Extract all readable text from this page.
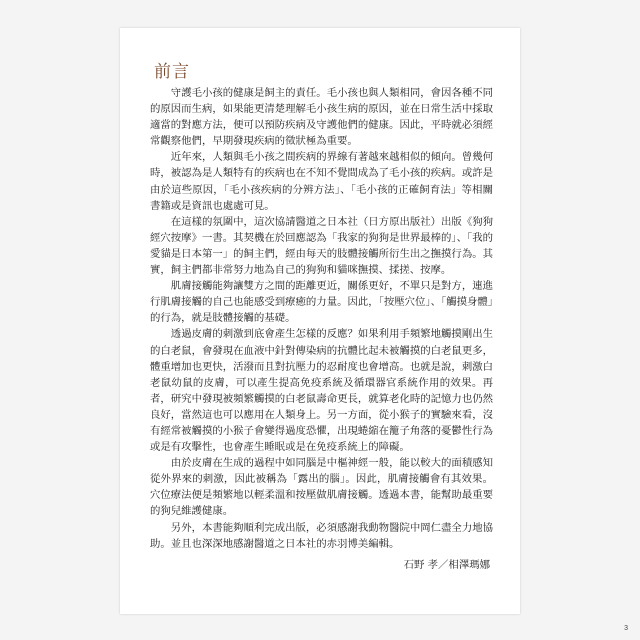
前言

守護毛小孩的健康是飼主的責任。毛小孩也與人類相同，會因各種不同的原因而生病，如果能更清楚理解毛小孩生病的原因，並在日常生活中採取適當的對應方法，便可以預防疾病及守護他們的健康。因此，平時就必須經常觀察他們，早期發現疾病的徵狀極為重要。

近年來，人類與毛小孩之間疾病的界線有著越來越相似的傾向。曾幾何時，被認為是人類特有的疾病也在不知不覺間成為了毛小孩的疾病。或許是由於這些原因，「毛小孩疾病的分辨方法」、「毛小孩的正確飼育法」等相關書籍或是資訊也處處可見。

在這樣的氛圍中，這次協請醫道之日本社（日方原出版社）出版《狗狗經穴按摩》一書。其契機在於回應認為「我家的狗狗是世界最棒的」、「我的愛貓是日本第一」的飼主們，經由每天的肢體接觸所衍生出之撫摸行為。其實，飼主們都非常努力地為自己的狗狗和貓咪撫摸、揉搓、按摩。

肌膚接觸能夠讓雙方之間的距離更近，關係更好，不單只是對方，連進行肌膚接觸的自己也能感受到療癒的力量。因此，「按壓穴位」、「觸摸身體」的行為，就是肢體接觸的基礎。

透過皮膚的刺激到底會產生怎樣的反應？如果利用手頻繁地觸摸剛出生的白老鼠，會發現在血液中針對傳染病的抗體比起未被觸摸的白老鼠更多，體重增加也更快，活潑而且對抗壓力的忍耐度也會增高。也就是說，刺激白老鼠幼鼠的皮膚，可以產生提高免疫系統及循環器官系統作用的效果。再者，研究中發現被頻繁觸摸的白老鼠壽命更長，就算老化時的記憶力也仍然良好，當然這也可以應用在人類身上。另一方面，從小猴子的實驗來看，沒有經常被觸摸的小猴子會變得過度恐懼，出現蜷縮在籠子角落的憂鬱性行為或是有攻擊性，也會產生睡眠或是在免疫系統上的障礙。

由於皮膚在生成的過程中如同腦是中樞神經一般，能以較大的面積感知從外界來的刺激，因此被稱為「露出的腦」。因此，肌膚接觸會有其效果。穴位療法便是頻繁地以輕柔溫和按壓做肌膚接觸。透過本書，能幫助最重要的狗兒維護健康。

另外，本書能夠順利完成出版，必須感謝我動物醫院中岡仁盡全力地協助。並且也深深地感謝醫道之日本社的赤羽博美編輯。

石野 孝／相澤瑪娜
3
